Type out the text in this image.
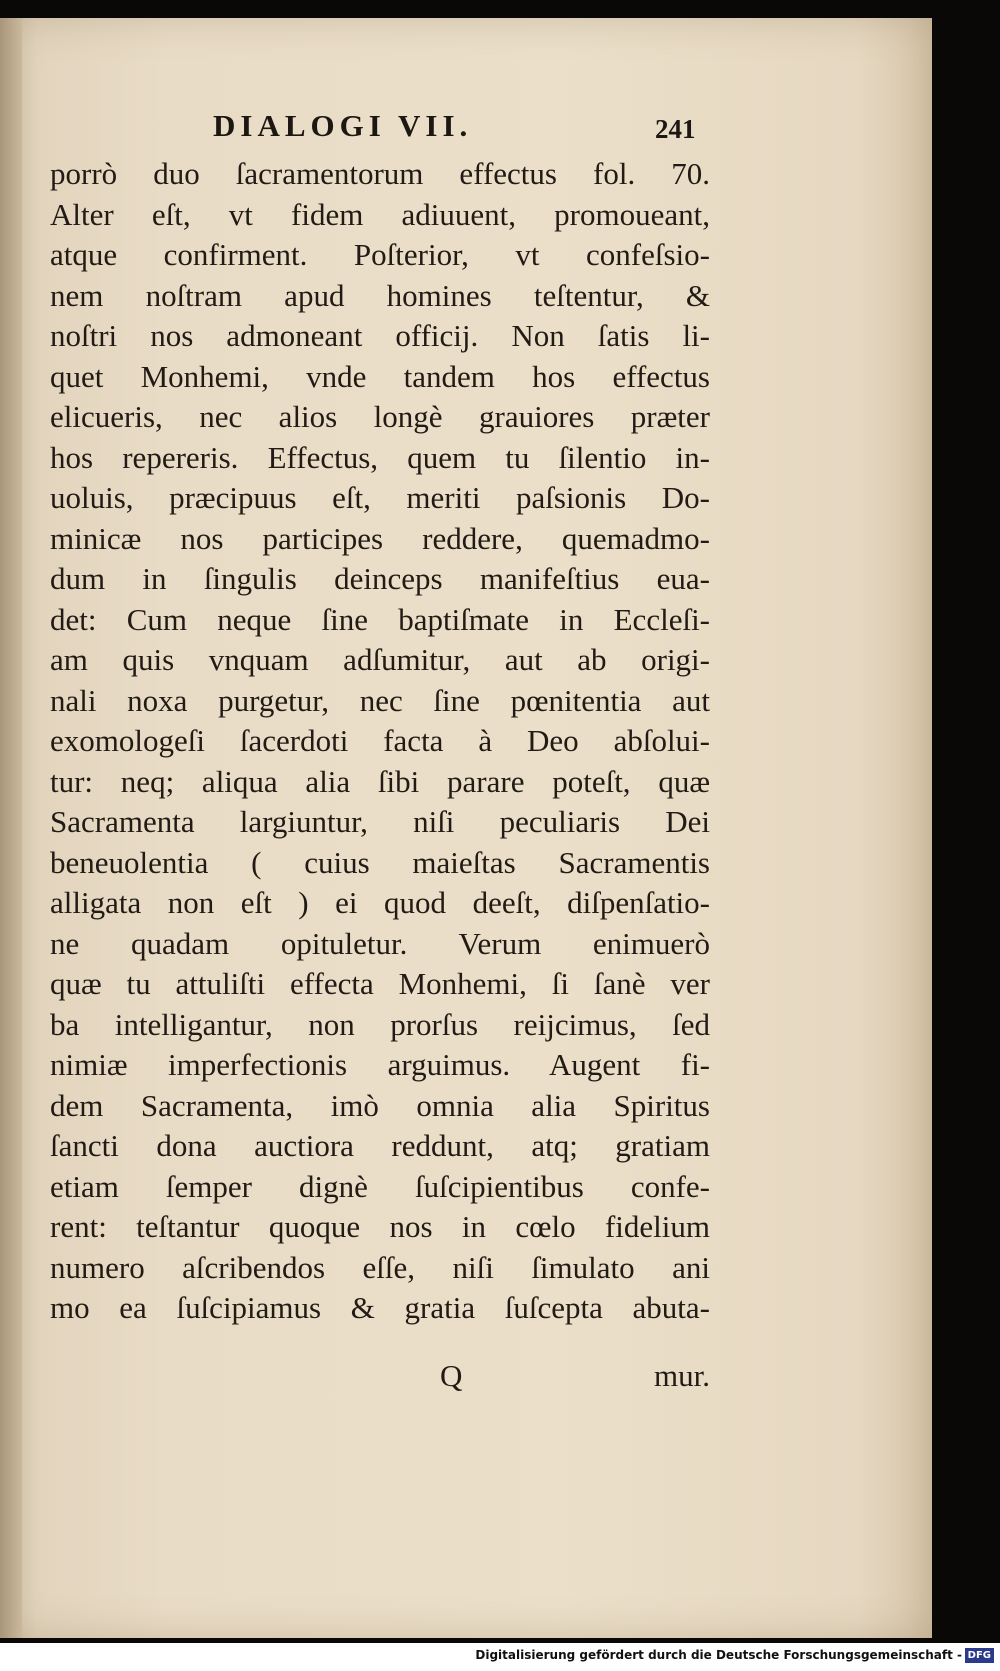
DIALOGI VII.	241
porrò duo ſacramentorum effectus fol. 70.
Alter eſt, vt fidem adiuuent, promoueant,
atque confirment. Poſterior, vt confeſsio-
nem noſtram apud homines teſtentur, &
noſtri nos admoneant officij. Non ſatis li-
quet Monhemi, vnde tandem hos effectus
elicueris, nec alios longè grauiores præter
hos repereris. Effectus, quem tu ſilentio in-
uoluis, præcipuus eſt, meriti paſsionis Do-
minicæ nos participes reddere, quemadmo-
dum in ſingulis deinceps manifeſtius eua-
det: Cum neque ſine baptiſmate in Eccleſi-
am quis vnquam adſumitur, aut ab origi-
nali noxa purgetur, nec ſine pœnitentia aut
exomologeſi ſacerdoti facta à Deo abſolui-
tur: neq; aliqua alia ſibi parare poteſt, quæ
Sacramenta largiuntur, niſi peculiaris Dei
beneuolentia ( cuius maieſtas Sacramentis
alligata non eſt ) ei quod deeſt, diſpenſatio-
ne quadam opituletur. Verum enimuerò
quæ tu attuliſti effecta Monhemi, ſi ſanè ver
ba intelligantur, non prorſus reijcimus, ſed
nimiæ imperfectionis arguimus. Augent fi-
dem Sacramenta, imò omnia alia Spiritus
ſancti dona auctiora reddunt, atq; gratiam
etiam ſemper dignè ſuſcipientibus confe-
rent: teſtantur quoque nos in cœlo fidelium
numero aſcribendos eſſe, niſi ſimulato ani
mo ea ſuſcipiamus & gratia ſuſcepta abuta-
Q	mur.
Digitalisierung gefördert durch die Deutsche Forschungsgemeinschaft - DFG
